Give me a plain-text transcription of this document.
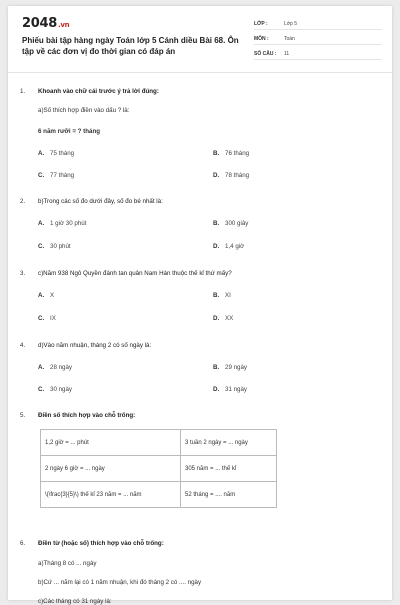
2048.vn
Phiếu bài tập hàng ngày Toán lớp 5 Cánh diều Bài 68. Ôn tập về các đơn vị đo thời gian có đáp án
LỚP :	Lớp 5
MÔN :	Toán
SỐ CÂU :	11
1.	Khoanh vào chữ cái trước ý trả lời đúng:
a)Số thích hợp điền vào dấu ? là:
6 năm rưỡi = ? tháng
A. 75 tháng	B. 76 tháng
C. 77 tháng	D. 78 tháng
2.	b)Trong các số đo dưới đây, số đo bé nhất là:
A. 1 giờ 30 phút	B. 300 giây
C. 30 phút	D. 1,4 giờ
3.	c)Năm 938 Ngô Quyền đánh tan quân Nam Hán thuộc thế kỉ thứ mấy?
A. X	B. XI
C. IX	D. XX
4.	d)Vào năm nhuận, tháng 2 có số ngày là:
A. 28 ngày	B. 29 ngày
C. 30 ngày	D. 31 ngày
5.	Điền số thích hợp vào chỗ trống:
1,2 giờ = ... phút	3 tuần 2 ngày = ... ngày
2 ngày 6 giờ = ... ngày	305 năm = ... thế kỉ
\(\frac{3}{5}\) thế kỉ 23 năm = ... năm	52 tháng = .... năm
6.	Điền từ (hoặc số) thích hợp vào chỗ trống:
a)Tháng 8 có ... ngày
b)Cứ ... năm lại có 1 năm nhuận, khi đó tháng 2 có .... ngày
c)Các tháng có 31 ngày là:
